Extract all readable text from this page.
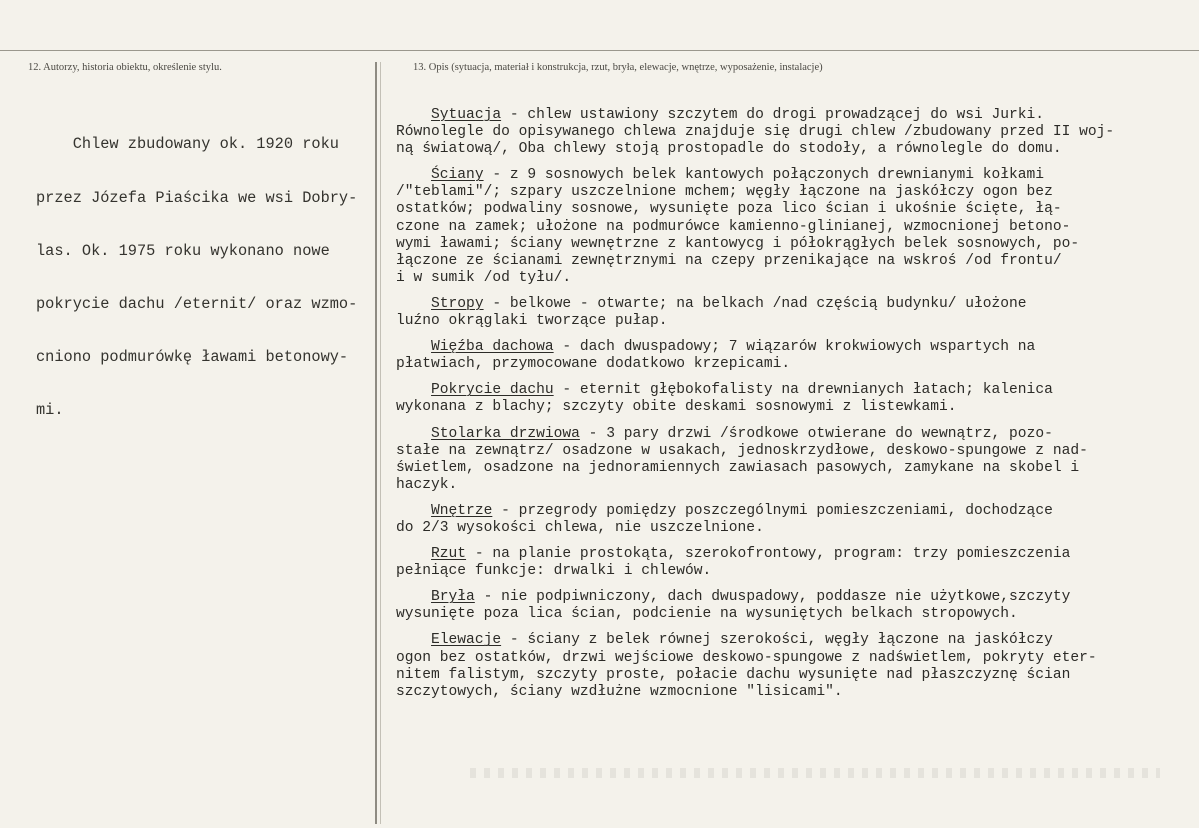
12. Autorzy, historia obiektu, określenie stylu.	13. Opis (sytuacja, materiał i konstrukcja, rzut, bryła, elewacje, wnętrze, wyposażenie, instalacje)

Chlew zbudowany ok. 1920 roku

przez Józefa Piaścika we wsi Dobry-

las. Ok. 1975 roku wykonano nowe

pokrycie dachu /eternit/ oraz wzmo-

cniono podmurówkę ławami betonowy-

mi.

Sytuacja - chlew ustawiony szczytem do drogi prowadzącej do wsi Jurki.
Równolegle do opisywanego chlewa znajduje się drugi chlew /zbudowany przed II woj-
ną światową/, Oba chlewy stoją prostopadle do stodoły, a równolegle do domu.
Ściany - z 9 sosnowych belek kantowych połączonych drewnianymi kołkami
/"teblami"/; szpary uszczelnione mchem; węgły łączone na jaskółczy ogon bez
ostatków; podwaliny sosnowe, wysunięte poza lico ścian i ukośnie ścięte, łą-
czone na zamek; ułożone na podmurówce kamienno-glinianej, wzmocnionej betono-
wymi ławami; ściany wewnętrzne z kantowycg i półokrągłych belek sosnowych, po-
łączone ze ścianami zewnętrznymi na czepy przenikające na wskroś /od frontu/
i w sumik /od tyłu/.
Stropy - belkowe - otwarte; na belkach /nad częścią budynku/ ułożone
luźno okrąglaki tworzące pułap.
Więźba dachowa - dach dwuspadowy; 7 wiązarów krokwiowych wspartych na
płatwiach, przymocowane dodatkowo krzepicami.
Pokrycie dachu - eternit głębokofalisty na drewnianych łatach; kalenica
wykonana z blachy; szczyty obite deskami sosnowymi z listewkami.
Stolarka drzwiowa - 3 pary drzwi /środkowe otwierane do wewnątrz, pozo-
stałe na zewnątrz/ osadzone w usakach, jednoskrzydłowe, deskowo-spungowe z nad-
świetlem, osadzone na jednoramiennych zawiasach pasowych, zamykane na skobel i
haczyk.
Wnętrze - przegrody pomiędzy poszczególnymi pomieszczeniami, dochodzące
do 2/3 wysokości chlewa, nie uszczelnione.
Rzut - na planie prostokąta, szerokofrontowy, program: trzy pomieszczenia
pełniące funkcje: drwalki i chlewów.
Bryła - nie podpiwniczony, dach dwuspadowy, poddasze nie użytkowe,szczyty
wysunięte poza lica ścian, podcienie na wysuniętych belkach stropowych.
Elewacje - ściany z belek równej szerokości, węgły łączone na jaskółczy
ogon bez ostatków, drzwi wejściowe deskowo-spungowe z nadświetlem, pokryty eter-
nitem falistym, szczyty proste, połacie dachu wysunięte nad płaszczyznę ścian
szczytowych, ściany wzdłużne wzmocnione "lisicami".
